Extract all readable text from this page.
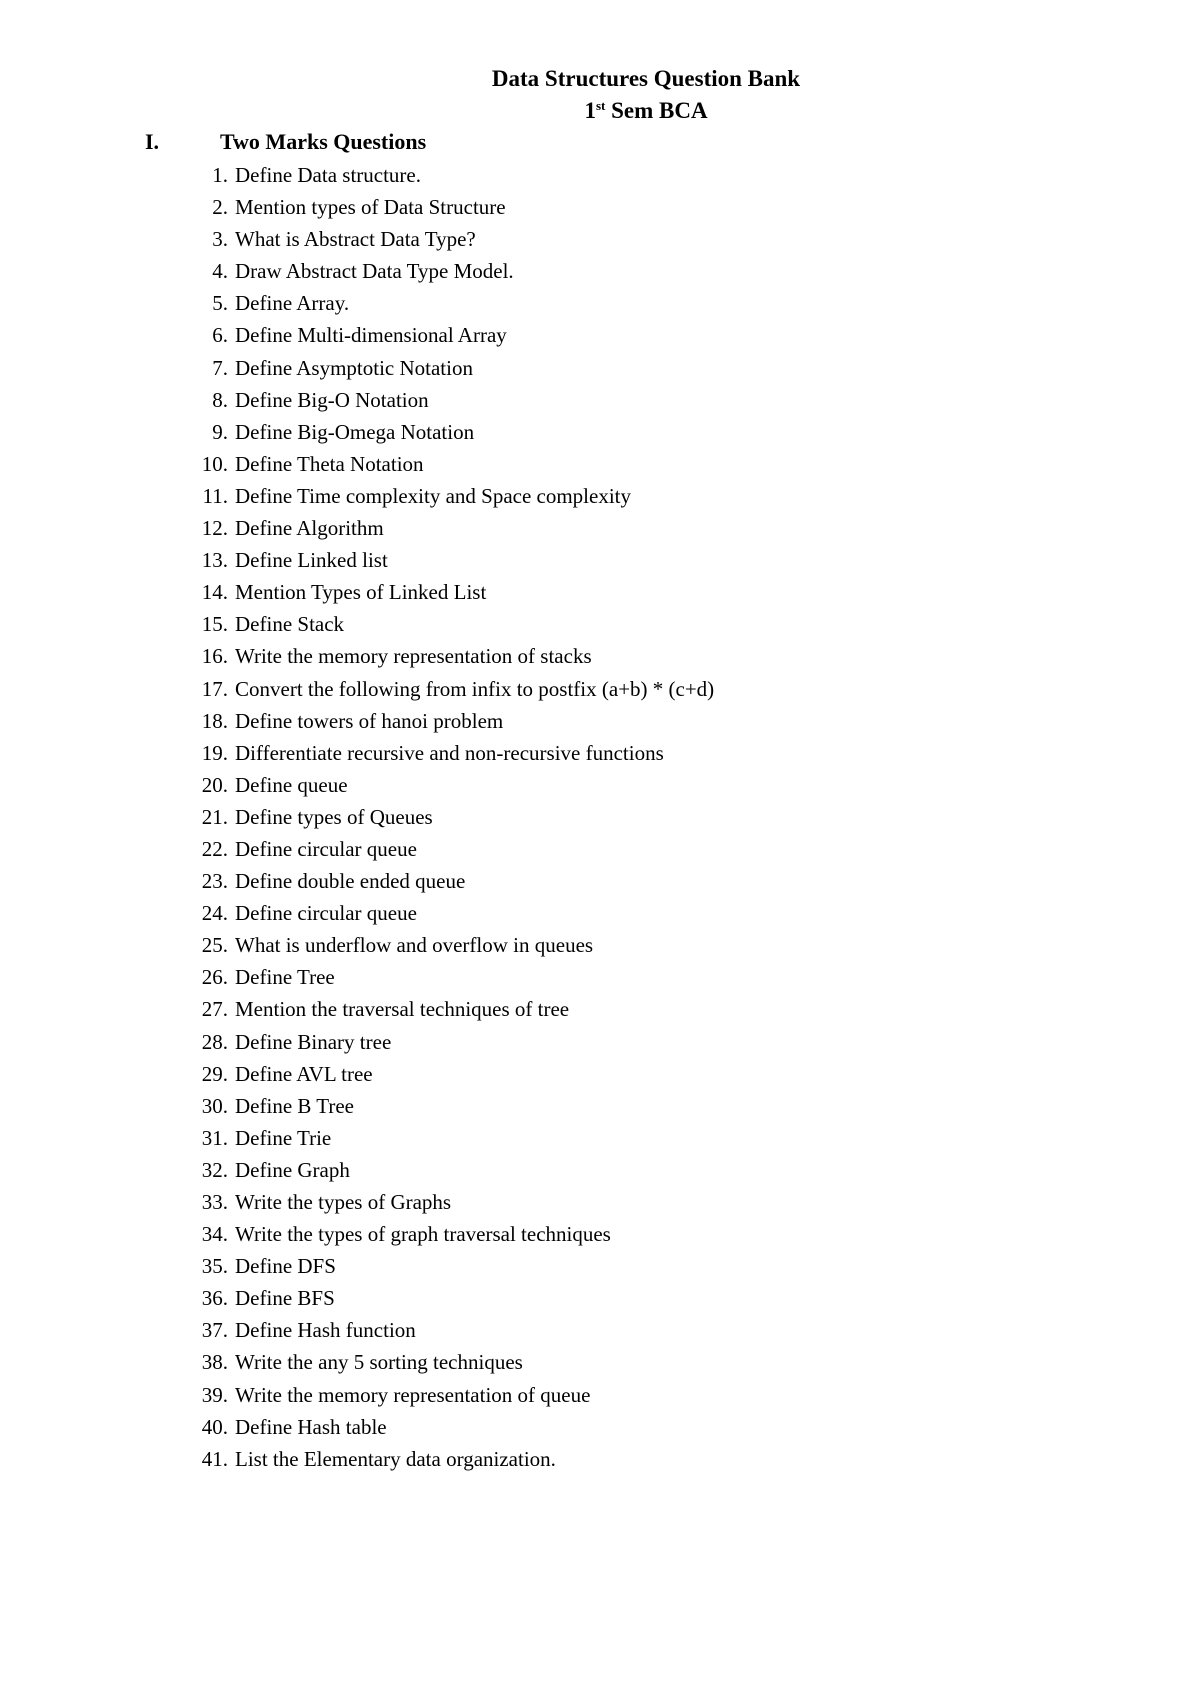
Data Structures Question Bank
1st Sem BCA
I.	Two Marks Questions
1. Define Data structure.
2. Mention types of Data Structure
3. What is Abstract Data Type?
4. Draw Abstract Data Type Model.
5. Define Array.
6. Define Multi-dimensional Array
7. Define Asymptotic Notation
8. Define Big-O Notation
9. Define Big-Omega Notation
10. Define Theta Notation
11. Define Time complexity and Space complexity
12. Define Algorithm
13. Define Linked list
14. Mention Types of Linked List
15. Define Stack
16. Write the memory representation of stacks
17. Convert the following from infix to postfix (a+b) * (c+d)
18. Define towers of hanoi problem
19. Differentiate recursive and non-recursive functions
20. Define queue
21. Define types of Queues
22. Define circular queue
23. Define double ended queue
24. Define circular queue
25. What is underflow and overflow in queues
26. Define Tree
27. Mention the traversal techniques of tree
28. Define Binary tree
29. Define AVL tree
30. Define B Tree
31. Define Trie
32. Define Graph
33. Write the types of Graphs
34. Write the types of graph traversal techniques
35. Define DFS
36. Define BFS
37. Define Hash function
38. Write the any 5 sorting techniques
39. Write the memory representation of queue
40. Define Hash table
41. List the Elementary data organization.
